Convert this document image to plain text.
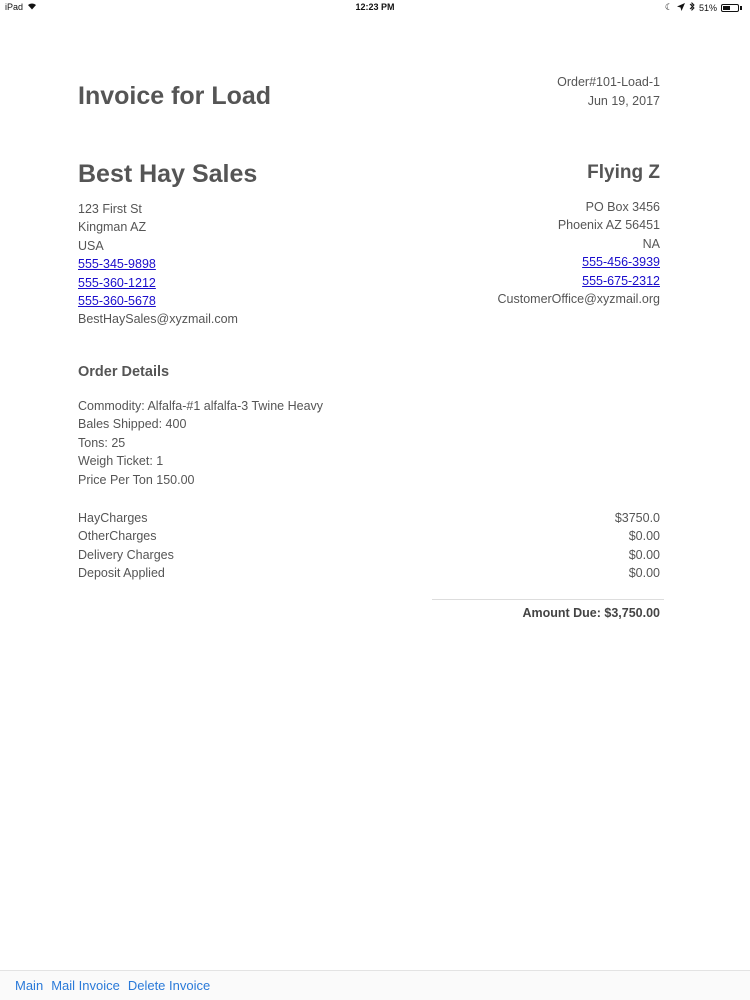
iPad	12:23 PM	☾	51%
Invoice for Load	Order#101-Load-1
Jun 19, 2017
Best Hay Sales
123 First St
Kingman AZ
USA
555-345-9898
555-360-1212
555-360-5678
BestHaySales@xyzmail.com
Flying Z
PO Box 3456
Phoenix AZ 56451
NA
555-456-3939
555-675-2312
CustomerOffice@xyzmail.org
Order Details
Commodity: Alfalfa-#1 alfalfa-3 Twine Heavy
Bales Shipped: 400
Tons: 25
Weigh Ticket: 1
Price Per Ton 150.00
HayCharges	$3750.0
OtherCharges	$0.00
Delivery Charges	$0.00
Deposit Applied	$0.00
Amount Due: $3,750.00
Main Mail Invoice Delete Invoice
